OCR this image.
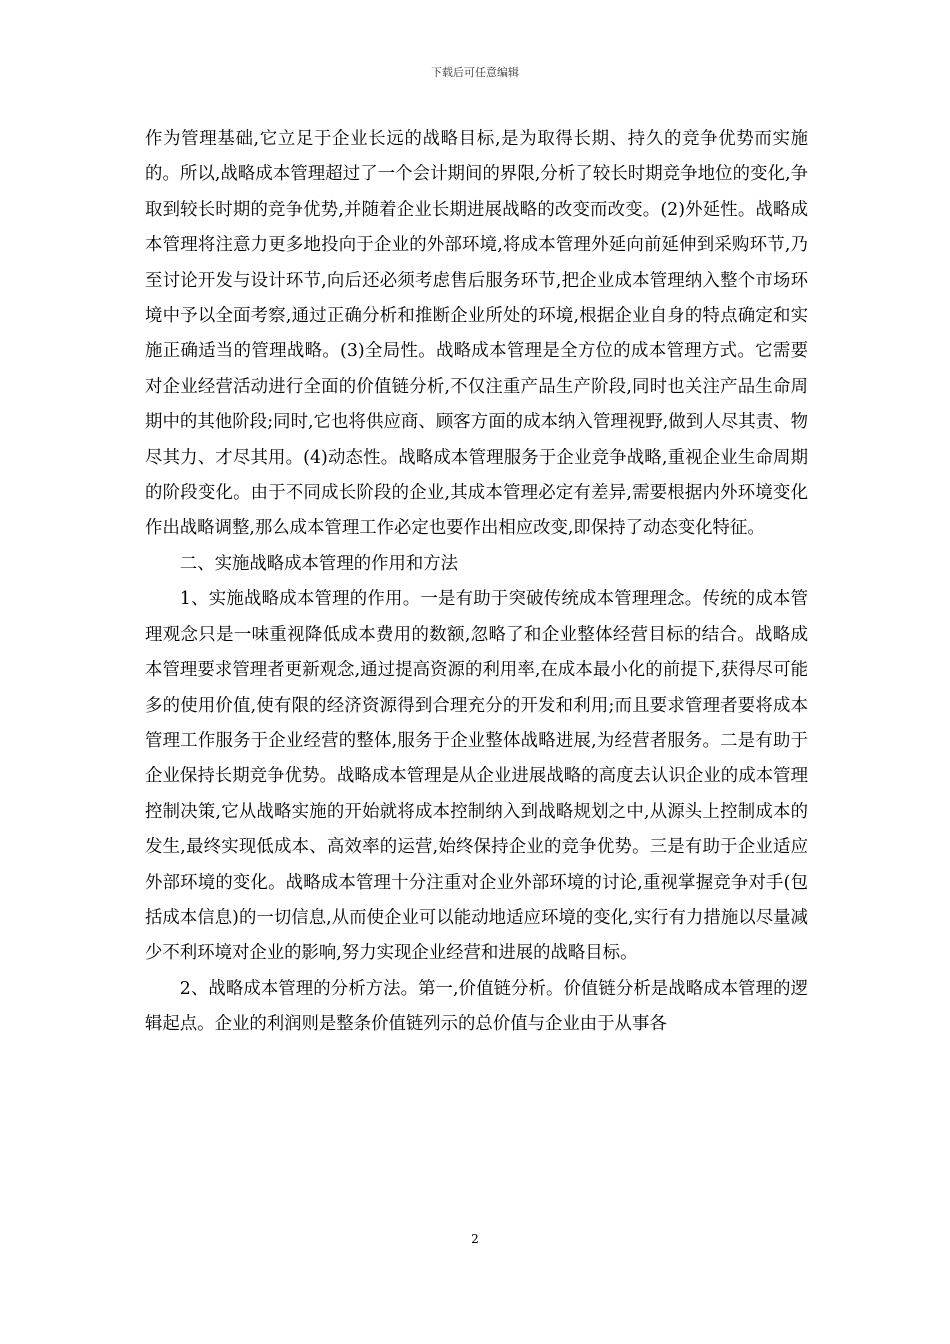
下载后可任意编辑

作为管理基础,它立足于企业长远的战略目标,是为取得长期、持久的竞争优势而实施的。所以,战略成本管理超过了一个会计期间的界限,分析了较长时期竞争地位的变化,争取到较长时期的竞争优势,并随着企业长期进展战略的改变而改变。(2)外延性。战略成本管理将注意力更多地投向于企业的外部环境,将成本管理外延向前延伸到采购环节,乃至讨论开发与设计环节,向后还必须考虑售后服务环节,把企业成本管理纳入整个市场环境中予以全面考察,通过正确分析和推断企业所处的环境,根据企业自身的特点确定和实施正确适当的管理战略。(3)全局性。战略成本管理是全方位的成本管理方式。它需要对企业经营活动进行全面的价值链分析,不仅注重产品生产阶段,同时也关注产品生命周期中的其他阶段;同时,它也将供应商、顾客方面的成本纳入管理视野,做到人尽其责、物尽其力、才尽其用。(4)动态性。战略成本管理服务于企业竞争战略,重视企业生命周期的阶段变化。由于不同成长阶段的企业,其成本管理必定有差异,需要根据内外环境变化作出战略调整,那么成本管理工作必定也要作出相应改变,即保持了动态变化特征。

二、实施战略成本管理的作用和方法

1、实施战略成本管理的作用。一是有助于突破传统成本管理理念。传统的成本管理观念只是一味重视降低成本费用的数额,忽略了和企业整体经营目标的结合。战略成本管理要求管理者更新观念,通过提高资源的利用率,在成本最小化的前提下,获得尽可能多的使用价值,使有限的经济资源得到合理充分的开发和利用;而且要求管理者要将成本管理工作服务于企业经营的整体,服务于企业整体战略进展,为经营者服务。二是有助于企业保持长期竞争优势。战略成本管理是从企业进展战略的高度去认识企业的成本管理控制决策,它从战略实施的开始就将成本控制纳入到战略规划之中,从源头上控制成本的发生,最终实现低成本、高效率的运营,始终保持企业的竞争优势。三是有助于企业适应外部环境的变化。战略成本管理十分注重对企业外部环境的讨论,重视掌握竞争对手(包括成本信息)的一切信息,从而使企业可以能动地适应环境的变化,实行有力措施以尽量减少不利环境对企业的影响,努力实现企业经营和进展的战略目标。

2、战略成本管理的分析方法。第一,价值链分析。价值链分析是战略成本管理的逻辑起点。企业的利润则是整条价值链列示的总价值与企业由于从事各

2
